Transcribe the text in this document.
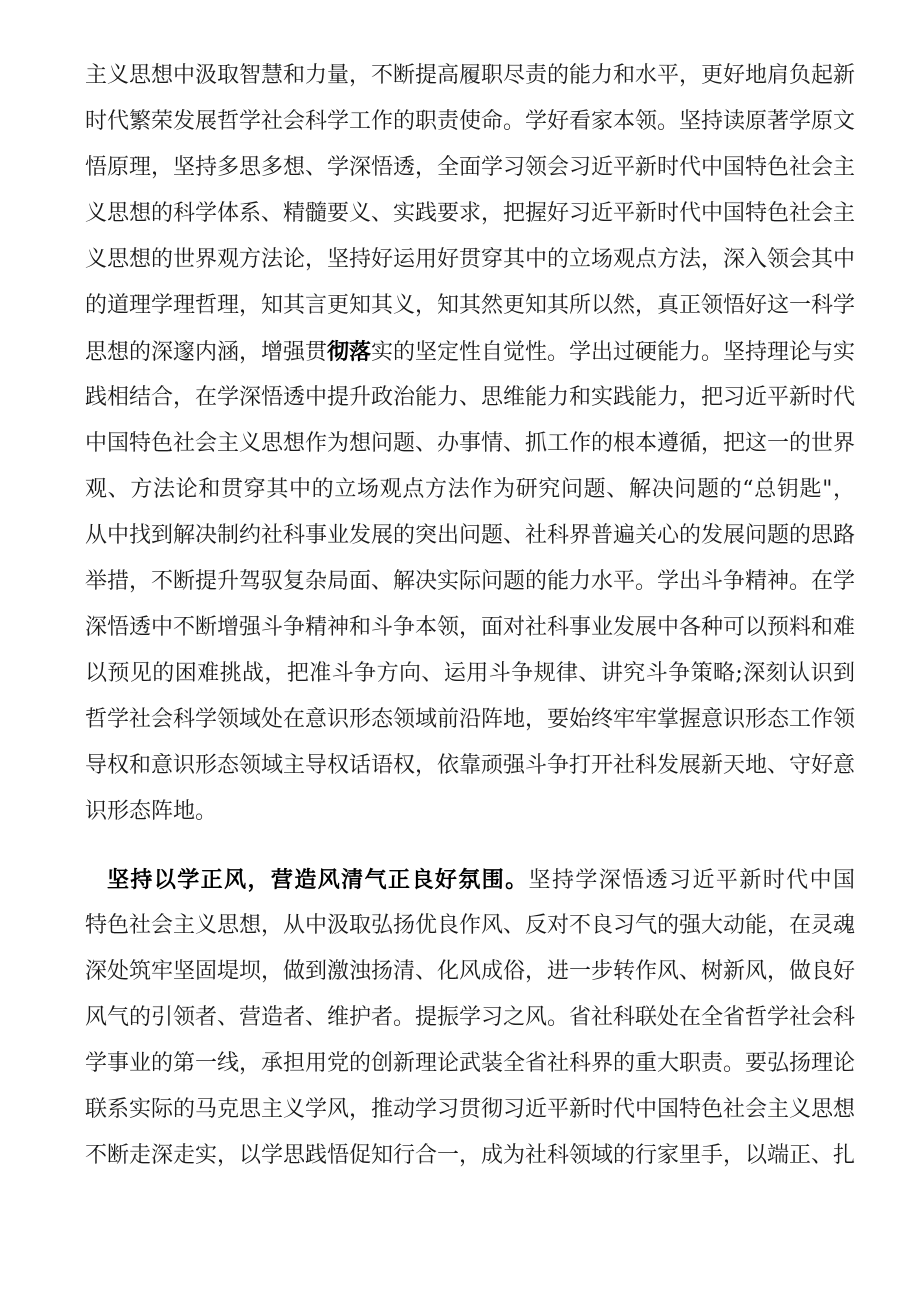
主义思想中汲取智慧和力量，不断提高履职尽责的能力和水平，更好地肩负起新
时代繁荣发展哲学社会科学工作的职责使命。学好看家本领。坚持读原著学原文
悟原理，坚持多思多想、学深悟透，全面学习领会习近平新时代中国特色社会主
义思想的科学体系、精髓要义、实践要求，把握好习近平新时代中国特色社会主
义思想的世界观方法论，坚持好运用好贯穿其中的立场观点方法，深入领会其中
的道理学理哲理，知其言更知其义，知其然更知其所以然，真正领悟好这一科学
思想的深邃内涵，增强贯彻落实的坚定性自觉性。学出过硬能力。坚持理论与实
践相结合，在学深悟透中提升政治能力、思维能力和实践能力，把习近平新时代
中国特色社会主义思想作为想问题、办事情、抓工作的根本遵循，把这一的世界
观、方法论和贯穿其中的立场观点方法作为研究问题、解决问题的“总钥匙"，
从中找到解决制约社科事业发展的突出问题、社科界普遍关心的发展问题的思路
举措，不断提升驾驭复杂局面、解决实际问题的能力水平。学出斗争精神。在学
深悟透中不断增强斗争精神和斗争本领，面对社科事业发展中各种可以预料和难
以预见的困难挑战，把准斗争方向、运用斗争规律、讲究斗争策略;深刻认识到
哲学社会科学领域处在意识形态领域前沿阵地，要始终牢牢掌握意识形态工作领
导权和意识形态领域主导权话语权，依靠顽强斗争打开社科发展新天地、守好意
识形态阵地。
坚持以学正风，营造风清气正良好氛围。坚持学深悟透习近平新时代中国
特色社会主义思想，从中汲取弘扬优良作风、反对不良习气的强大动能，在灵魂
深处筑牢坚固堤坝，做到激浊扬清、化风成俗，进一步转作风、树新风，做良好
风气的引领者、营造者、维护者。提振学习之风。省社科联处在全省哲学社会科
学事业的第一线，承担用党的创新理论武装全省社科界的重大职责。要弘扬理论
联系实际的马克思主义学风，推动学习贯彻习近平新时代中国特色社会主义思想
不断走深走实，以学思践悟促知行合一，成为社科领域的行家里手，以端正、扎
